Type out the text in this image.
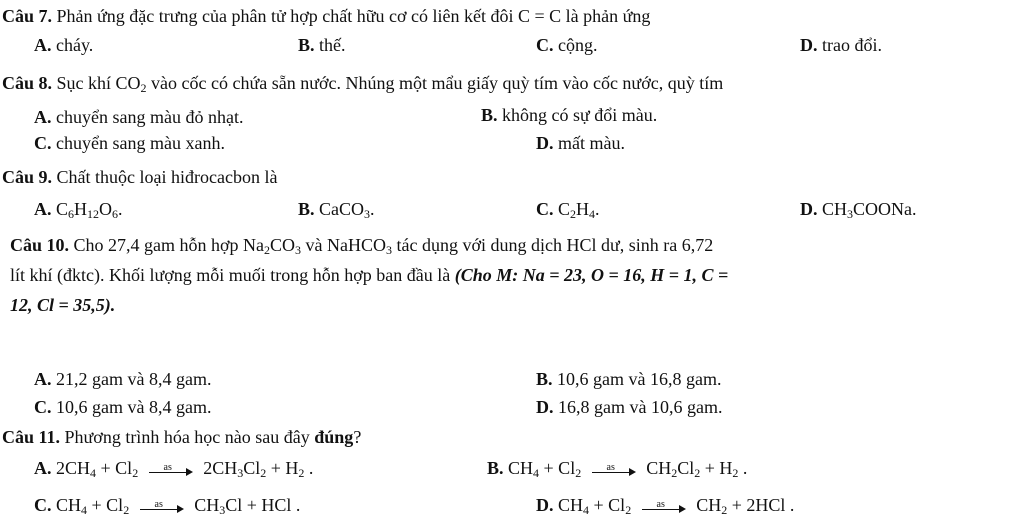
Câu 7. Phản ứng đặc trưng của phân tử hợp chất hữu cơ có liên kết đôi C = C là phản ứng
A. cháy.	B. thế.	C. cộng.	D. trao đổi.
Câu 8. Sục khí $CO_2$ vào cốc có chứa sẵn nước. Nhúng một mẩu giấy quỳ tím vào cốc nước, quỳ tím
A. chuyển sang màu đỏ nhạt.	B. không có sự đổi màu.
C. chuyển sang màu xanh.	D. mất màu.
Câu 9. Chất thuộc loại hiđrocacbon là
A. $C_6H_{12}O_6$.	B. CaCO$_3$.	C. $C_2H_4$.	D. $CH_3COONa$.
Câu 10. Cho 27,4 gam hỗn hợp $Na_2CO_3$ và NaHCO$_3$ tác dụng với dung dịch HCl dư, sinh ra 6,72
lít khí (đktc). Khối lượng mỗi muối trong hỗn hợp ban đầu là (Cho M: Na = 23, O = 16, H = 1, C =
12, Cl = 35,5).
A. 21,2 gam và 8,4 gam.	B. 10,6 gam và 16,8 gam.
C. 10,6 gam và 8,4 gam.	D. 16,8 gam và 10,6 gam.
Câu 11. Phương trình hóa học nào sau đây đúng?
A. $2CH_4 + Cl_2$	as	$2CH_3Cl_2 + H_2$ .	B. $CH_4 + Cl_2$	as	$CH_2Cl_2 + H_2$ .
C. $CH_4 + Cl_2$	as	$CH_3Cl$ + HCl .	D. $CH_4 + Cl_2$	as	$CH_2 + 2HCl$ .
